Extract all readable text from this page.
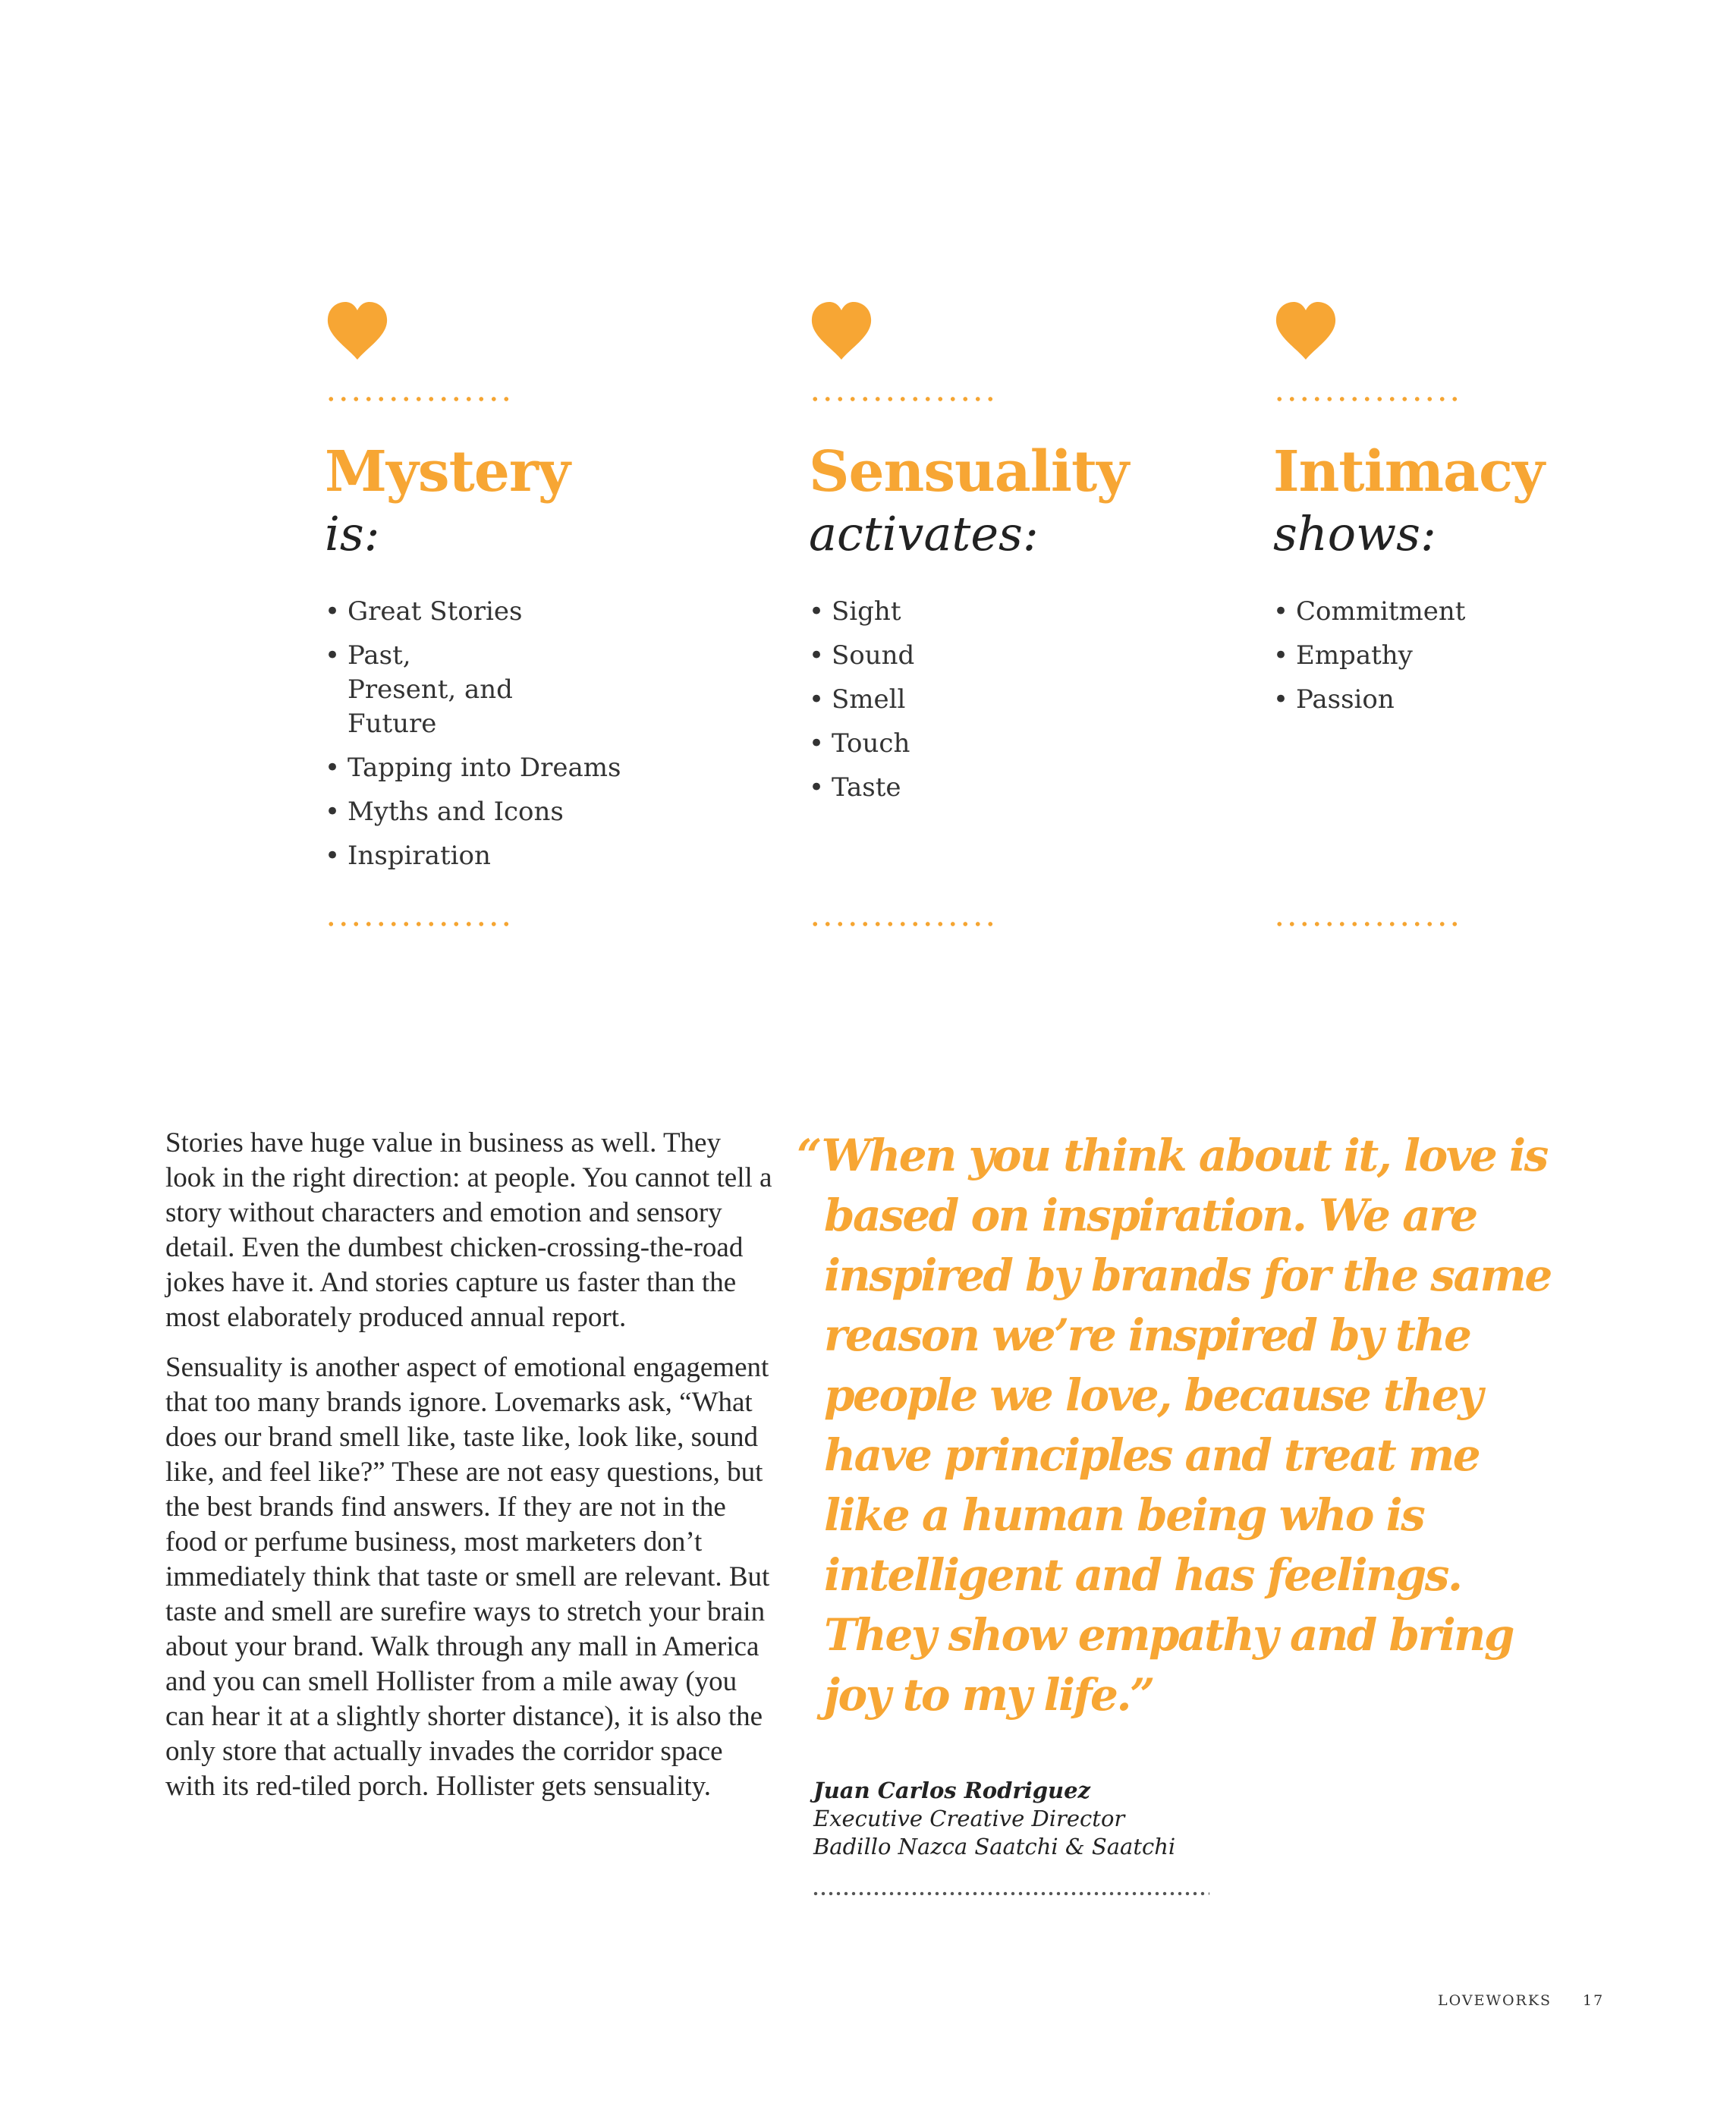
Mystery
is:
• Great Stories
• Past, Present, and Future
• Tapping into Dreams
• Myths and Icons
• Inspiration
Sensuality
activates:
• Sight
• Sound
• Smell
• Touch
• Taste
Intimacy
shows:
• Commitment
• Empathy
• Passion

Stories have huge value in business as well. They look in the right direction: at people. You cannot tell a story without characters and emotion and sensory detail. Even the dumbest chicken-crossing-the-road jokes have it. And stories capture us faster than the most elaborately produced annual report.

Sensuality is another aspect of emotional engagement that too many brands ignore. Lovemarks ask, “What does our brand smell like, taste like, look like, sound like, and feel like?” These are not easy questions, but the best brands find answers. If they are not in the food or perfume business, most marketers don’t immediately think that taste or smell are relevant. But taste and smell are surefire ways to stretch your brain about your brand. Walk through any mall in America and you can smell Hollister from a mile away (you can hear it at a slightly shorter distance), it is also the only store that actually invades the corridor space with its red-tiled porch. Hollister gets sensuality.

“When you think about it, love is based on inspiration. We are inspired by brands for the same reason we’re inspired by the people we love, because they have principles and treat me like a human being who is intelligent and has feelings. They show empathy and bring joy to my life.”
Juan Carlos Rodriguez
Executive Creative Director
Badillo Nazca Saatchi & Saatchi
LOVEWORKS 17
